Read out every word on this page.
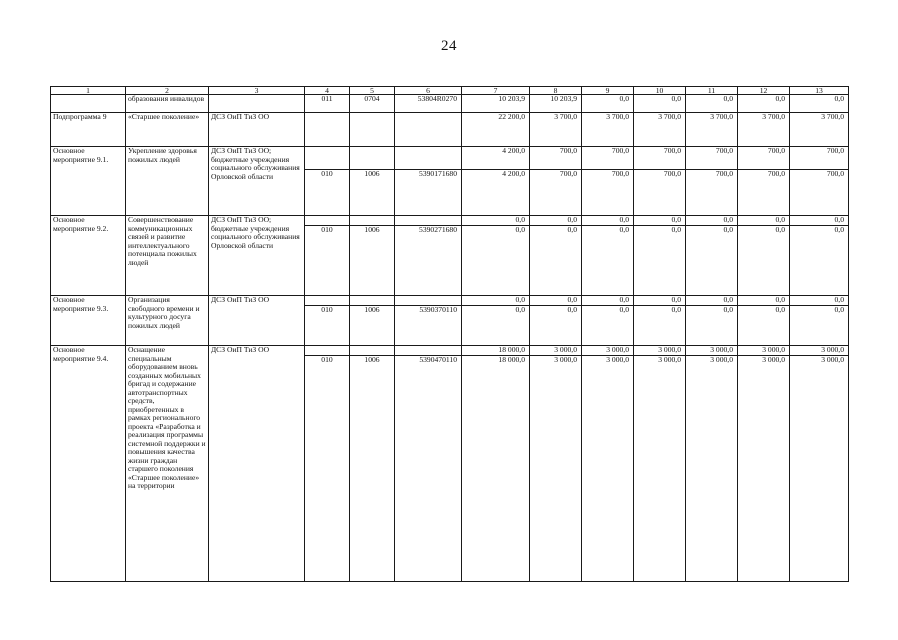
24
1	2	3	4	5	6	7	8	9	10	11	12	13
	образования инвалидов		011	0704	53804R0270	10 203,9	10 203,9	0,0	0,0	0,0	0,0	0,0
Подпрограмма 9	«Старшее поколение»	ДСЗ ОиП ТиЗ ОО				22 200,0	3 700,0	3 700,0	3 700,0	3 700,0	3 700,0	3 700,0
Основное мероприятие 9.1.	Укрепление здоровья пожилых людей	ДСЗ ОиП ТиЗ ОО; бюджетные учреждения социального обслуживания Орловской области				4 200,0	700,0	700,0	700,0	700,0	700,0	700,0
			010	1006	5390171680	4 200,0	700,0	700,0	700,0	700,0	700,0	700,0
Основное мероприятие 9.2.	Совершенствование коммуникационных связей и развитие интеллектуального потенциала пожилых людей	ДСЗ ОиП ТиЗ ОО; бюджетные учреждения социального обслуживания Орловской области				0,0	0,0	0,0	0,0	0,0	0,0	0,0
			010	1006	5390271680	0,0	0,0	0,0	0,0	0,0	0,0	0,0
Основное мероприятие 9.3.	Организация свободного времени и культурного досуга пожилых людей	ДСЗ ОиП ТиЗ ОО				0,0	0,0	0,0	0,0	0,0	0,0	0,0
			010	1006	5390370110	0,0	0,0	0,0	0,0	0,0	0,0	0,0
Основное мероприятие 9.4.	Оснащение специальным оборудованием вновь созданных мобильных бригад и содержание автотранспортных средств, приобретенных в рамках регионального проекта «Разработка и реализация программы системной поддержки и повышения качества жизни граждан старшего поколения «Старшее поколение» на территории	ДСЗ ОиП ТиЗ ОО				18 000,0	3 000,0	3 000,0	3 000,0	3 000,0	3 000,0	3 000,0
			010	1006	5390470110	18 000,0	3 000,0	3 000,0	3 000,0	3 000,0	3 000,0	3 000,0
